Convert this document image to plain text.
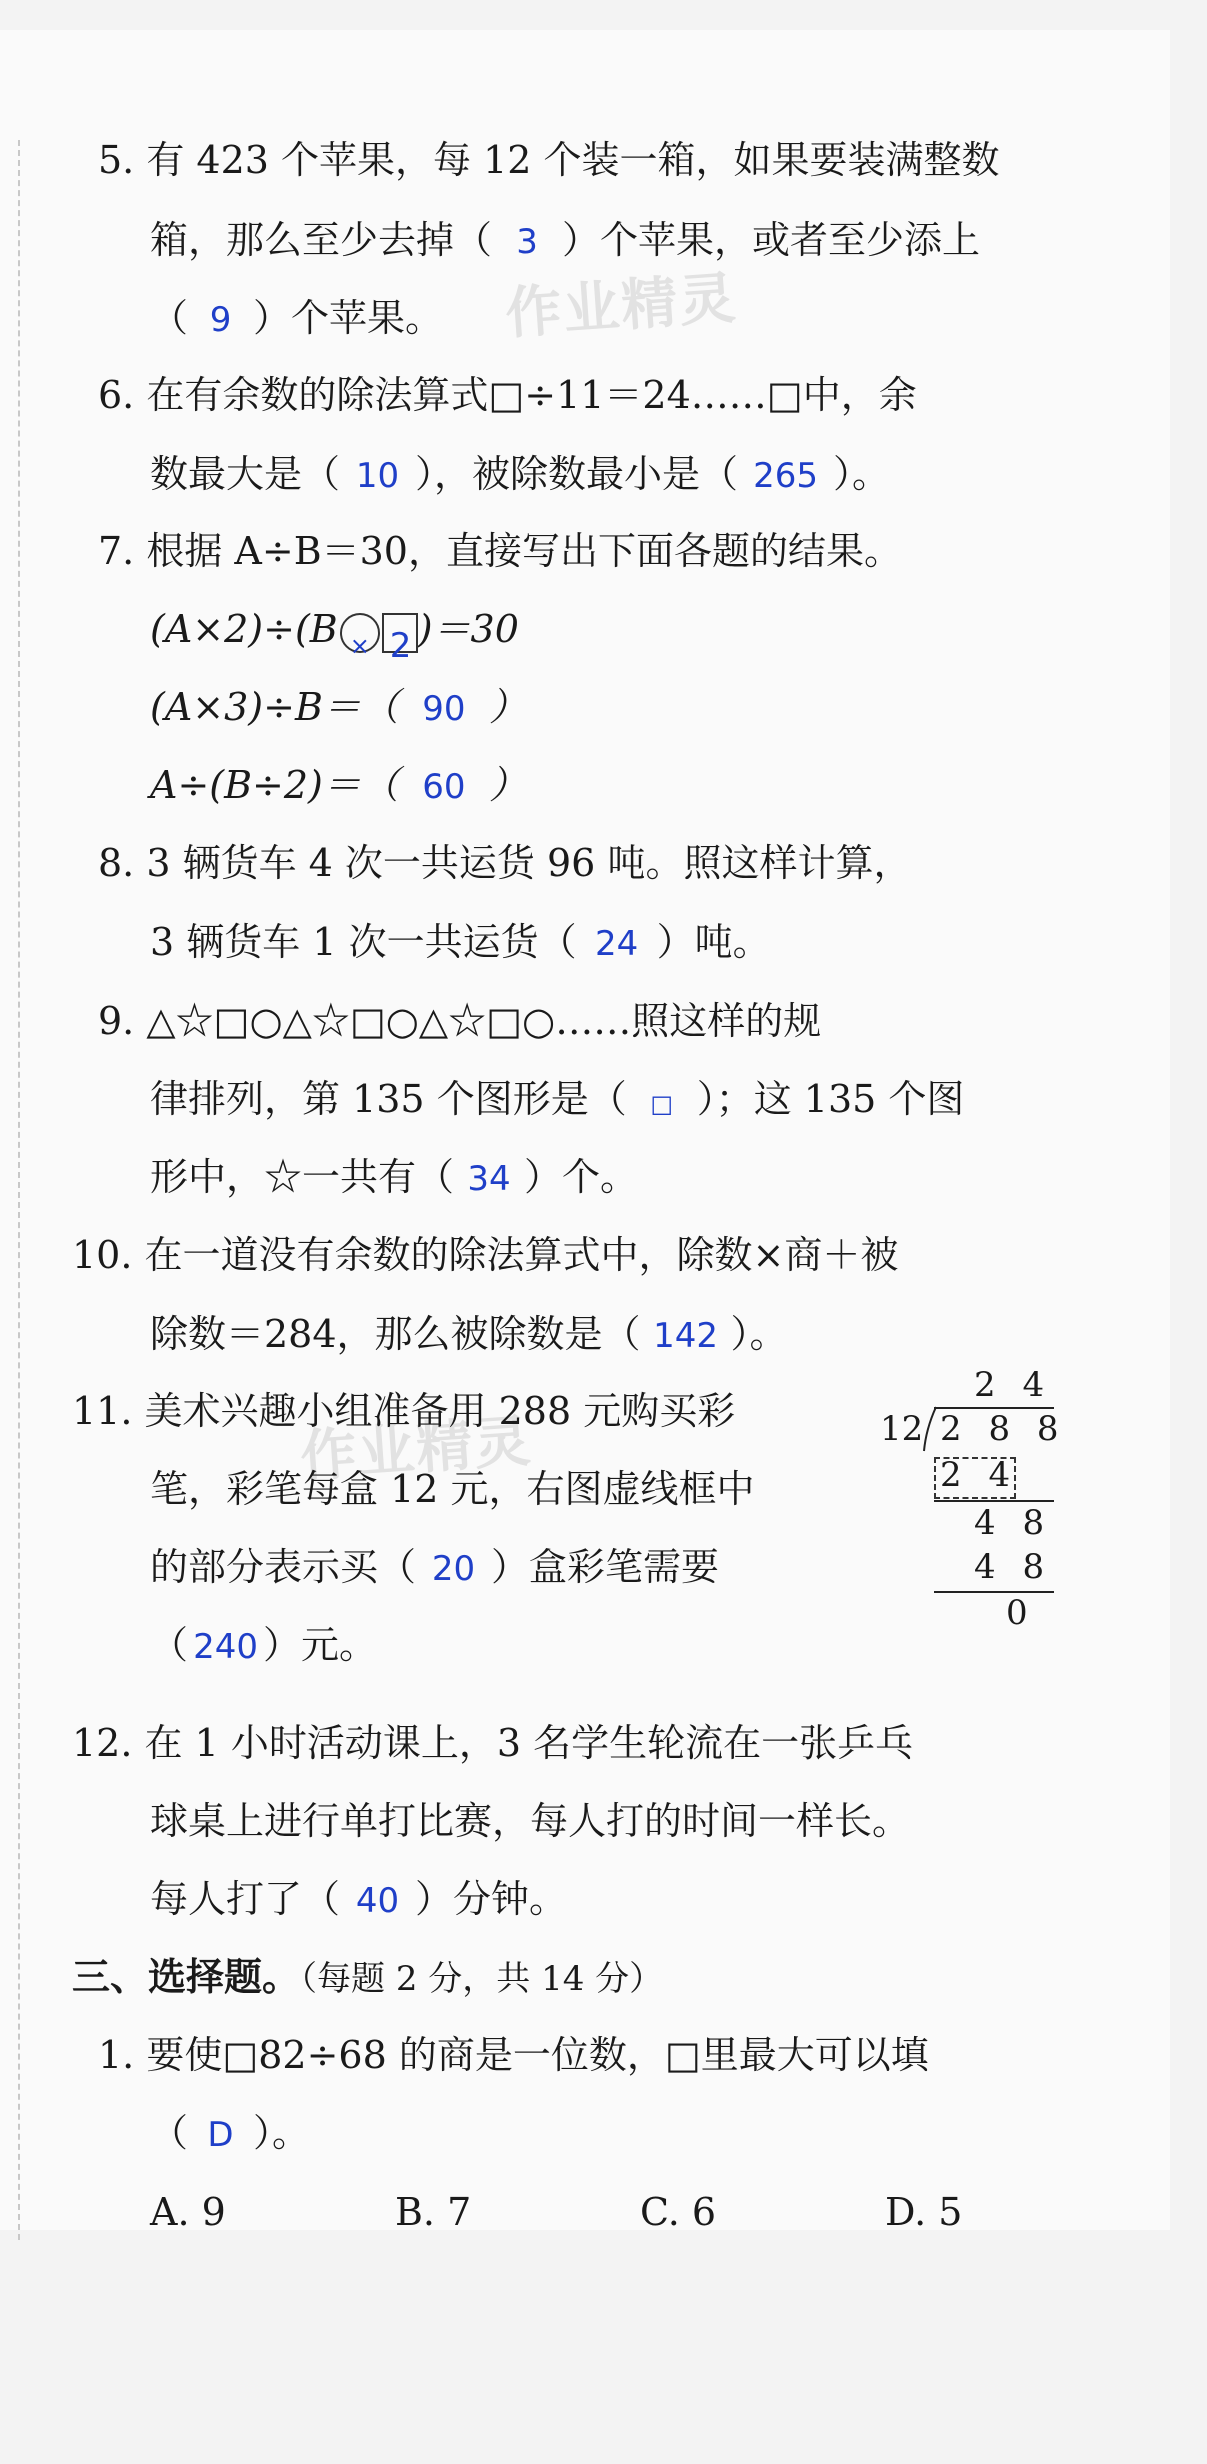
作业精灵
作业精灵
5. 有 423 个苹果，每 12 个装一箱，如果要装满整数
箱，那么至少去掉（ 3 ）个苹果，或者至少添上
（ 9 ）个苹果。
6. 在有余数的除法算式□÷11＝24……□中，余
数最大是（ 10 ），被除数最小是（ 265 ）。
7. 根据 A÷B＝30，直接写出下面各题的结果。
(A×2)÷(B × 2 )＝30
(A×3)÷B＝（ 90 ）
A÷(B÷2)＝（ 60 ）
8. 3 辆货车 4 次一共运货 96 吨。照这样计算，
3 辆货车 1 次一共运货（ 24 ）吨。
9. △☆□○△☆□○△☆□○……照这样的规
律排列，第 135 个图形是（ □ ）；这 135 个图
形中，☆一共有（ 34 ）个。
10. 在一道没有余数的除法算式中，除数×商＋被
除数＝284，那么被除数是（ 142 ）。
11. 美术兴趣小组准备用 288 元购买彩
笔，彩笔每盒 12 元，右图虚线框中
的部分表示买（ 20 ）盒彩笔需要
（ 240 ）元。
2 4
12 2 8 8
2 4
4 8
4 8
0
12. 在 1 小时活动课上，3 名学生轮流在一张乒乓
球桌上进行单打比赛，每人打的时间一样长。
每人打了（ 40 ）分钟。
三、选择题。（每题 2 分，共 14 分）
1. 要使□82÷68 的商是一位数，□里最大可以填
（ D ）。
A. 9	B. 7	C. 6	D. 5
